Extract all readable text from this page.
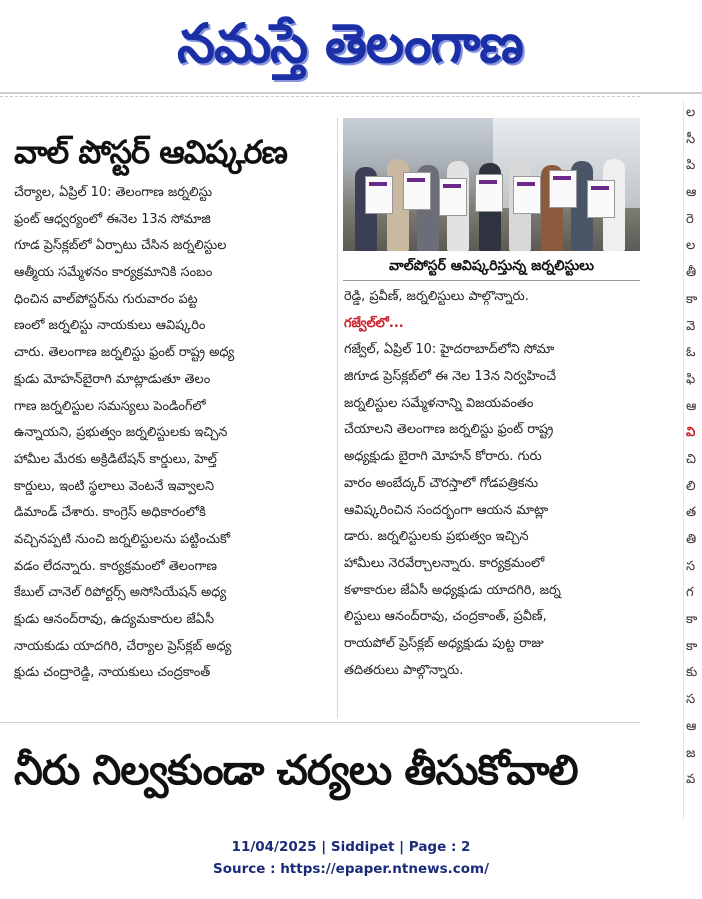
నమస్తే తెలంగాణ
వాల్ పోస్టర్ ఆవిష్కరణ
చేర్యాల, ఏప్రిల్ 10: తెలంగాణ జర్నలిస్టు
ఫ్రంట్ ఆధ్వర్యంలో ఈనెల 13న సోమాజి
గూడ ప్రెస్‌క్లబ్‌లో ఏర్పాటు చేసిన జర్నలిస్టుల
ఆత్మీయ సమ్మేళనం కార్యక్రమానికి సంబం
ధించిన వాల్‌పోస్టర్‌ను గురువారం పట్ట
ణంలో జర్నలిస్టు నాయకులు ఆవిష్కరిం
చారు. తెలంగాణ జర్నలిస్టు ఫ్రంట్ రాష్ట్ర అధ్య
క్షుడు మోహన్‌బైరాగి మాట్లాడుతూ తెలం
గాణ జర్నలిస్టుల సమస్యలు పెండింగ్‌లో
ఉన్నాయని, ప్రభుత్వం జర్నలిస్టులకు ఇచ్చిన
హామీల మేరకు అక్రిడిటేషన్ కార్డులు, హెల్త్
కార్డులు, ఇంటి స్థలాలు వెంటనే ఇవ్వాలని
డిమాండ్ చేశారు. కాంగ్రెస్ అధికారంలోకి
వచ్చినప్పటి నుంచి జర్నలిస్టులను పట్టించుకో
వడం లేదన్నారు. కార్యక్రమంలో తెలంగాణ
కేబుల్ చానెల్ రిపోర్టర్స్ అసోసియేషన్ అధ్య
క్షుడు ఆనంద్‌రావు, ఉద్యమకారుల జేఏసీ
నాయకుడు యాదగిరి, చేర్యాల ప్రెస్‌క్లబ్ అధ్య
క్షుడు చంద్రారెడ్డి, నాయకులు చంద్రకాంత్
వాల్‌పోస్టర్ ఆవిష్కరిస్తున్న జర్నలిస్టులు
రెడ్డి, ప్రవీణ్, జర్నలిస్టులు పాల్గొన్నారు.
గజ్వేల్‌లో...
గజ్వేల్, ఏప్రిల్ 10: హైదరాబాద్‌లోని సోమా
జిగూడ ప్రెస్‌క్లబ్‌లో ఈ నెల 13న నిర్వహించే
జర్నలిస్టుల సమ్మేళనాన్ని విజయవంతం
చేయాలని తెలంగాణ జర్నలిస్టు ఫ్రంట్ రాష్ట్ర
అధ్యక్షుడు బైరాగి మోహన్ కోరారు. గురు
వారం అంబేద్కర్ చౌరస్తాలో గోడపత్రికను
ఆవిష్కరించిన సందర్భంగా ఆయన మాట్లా
డారు. జర్నలిస్టులకు ప్రభుత్వం ఇచ్చిన
హామీలు నెరవేర్చాలన్నారు. కార్యక్రమంలో
కళాకారుల జేఏసీ అధ్యక్షుడు యాదగిరి, జర్న
లిస్టులు ఆనంద్‌రావు, చంద్రకాంత్, ప్రవీణ్,
రాయపోల్ ప్రెస్‌క్లబ్ అధ్యక్షుడు పుట్ట రాజు
తదితరులు పాల్గొన్నారు.
ల
సీ
పి
ఆ
రె
ల
తీ
కా
వె
ఓ
ఫి
ఆ
వి
చి
లి
త
తి
స
గ
కా
కా
కు
స
ఆ
జ
వ
నీరు నిల్వకుండా చర్యలు తీసుకోవాలి
11/04/2025 | Siddipet | Page : 2
Source : https://epaper.ntnews.com/
